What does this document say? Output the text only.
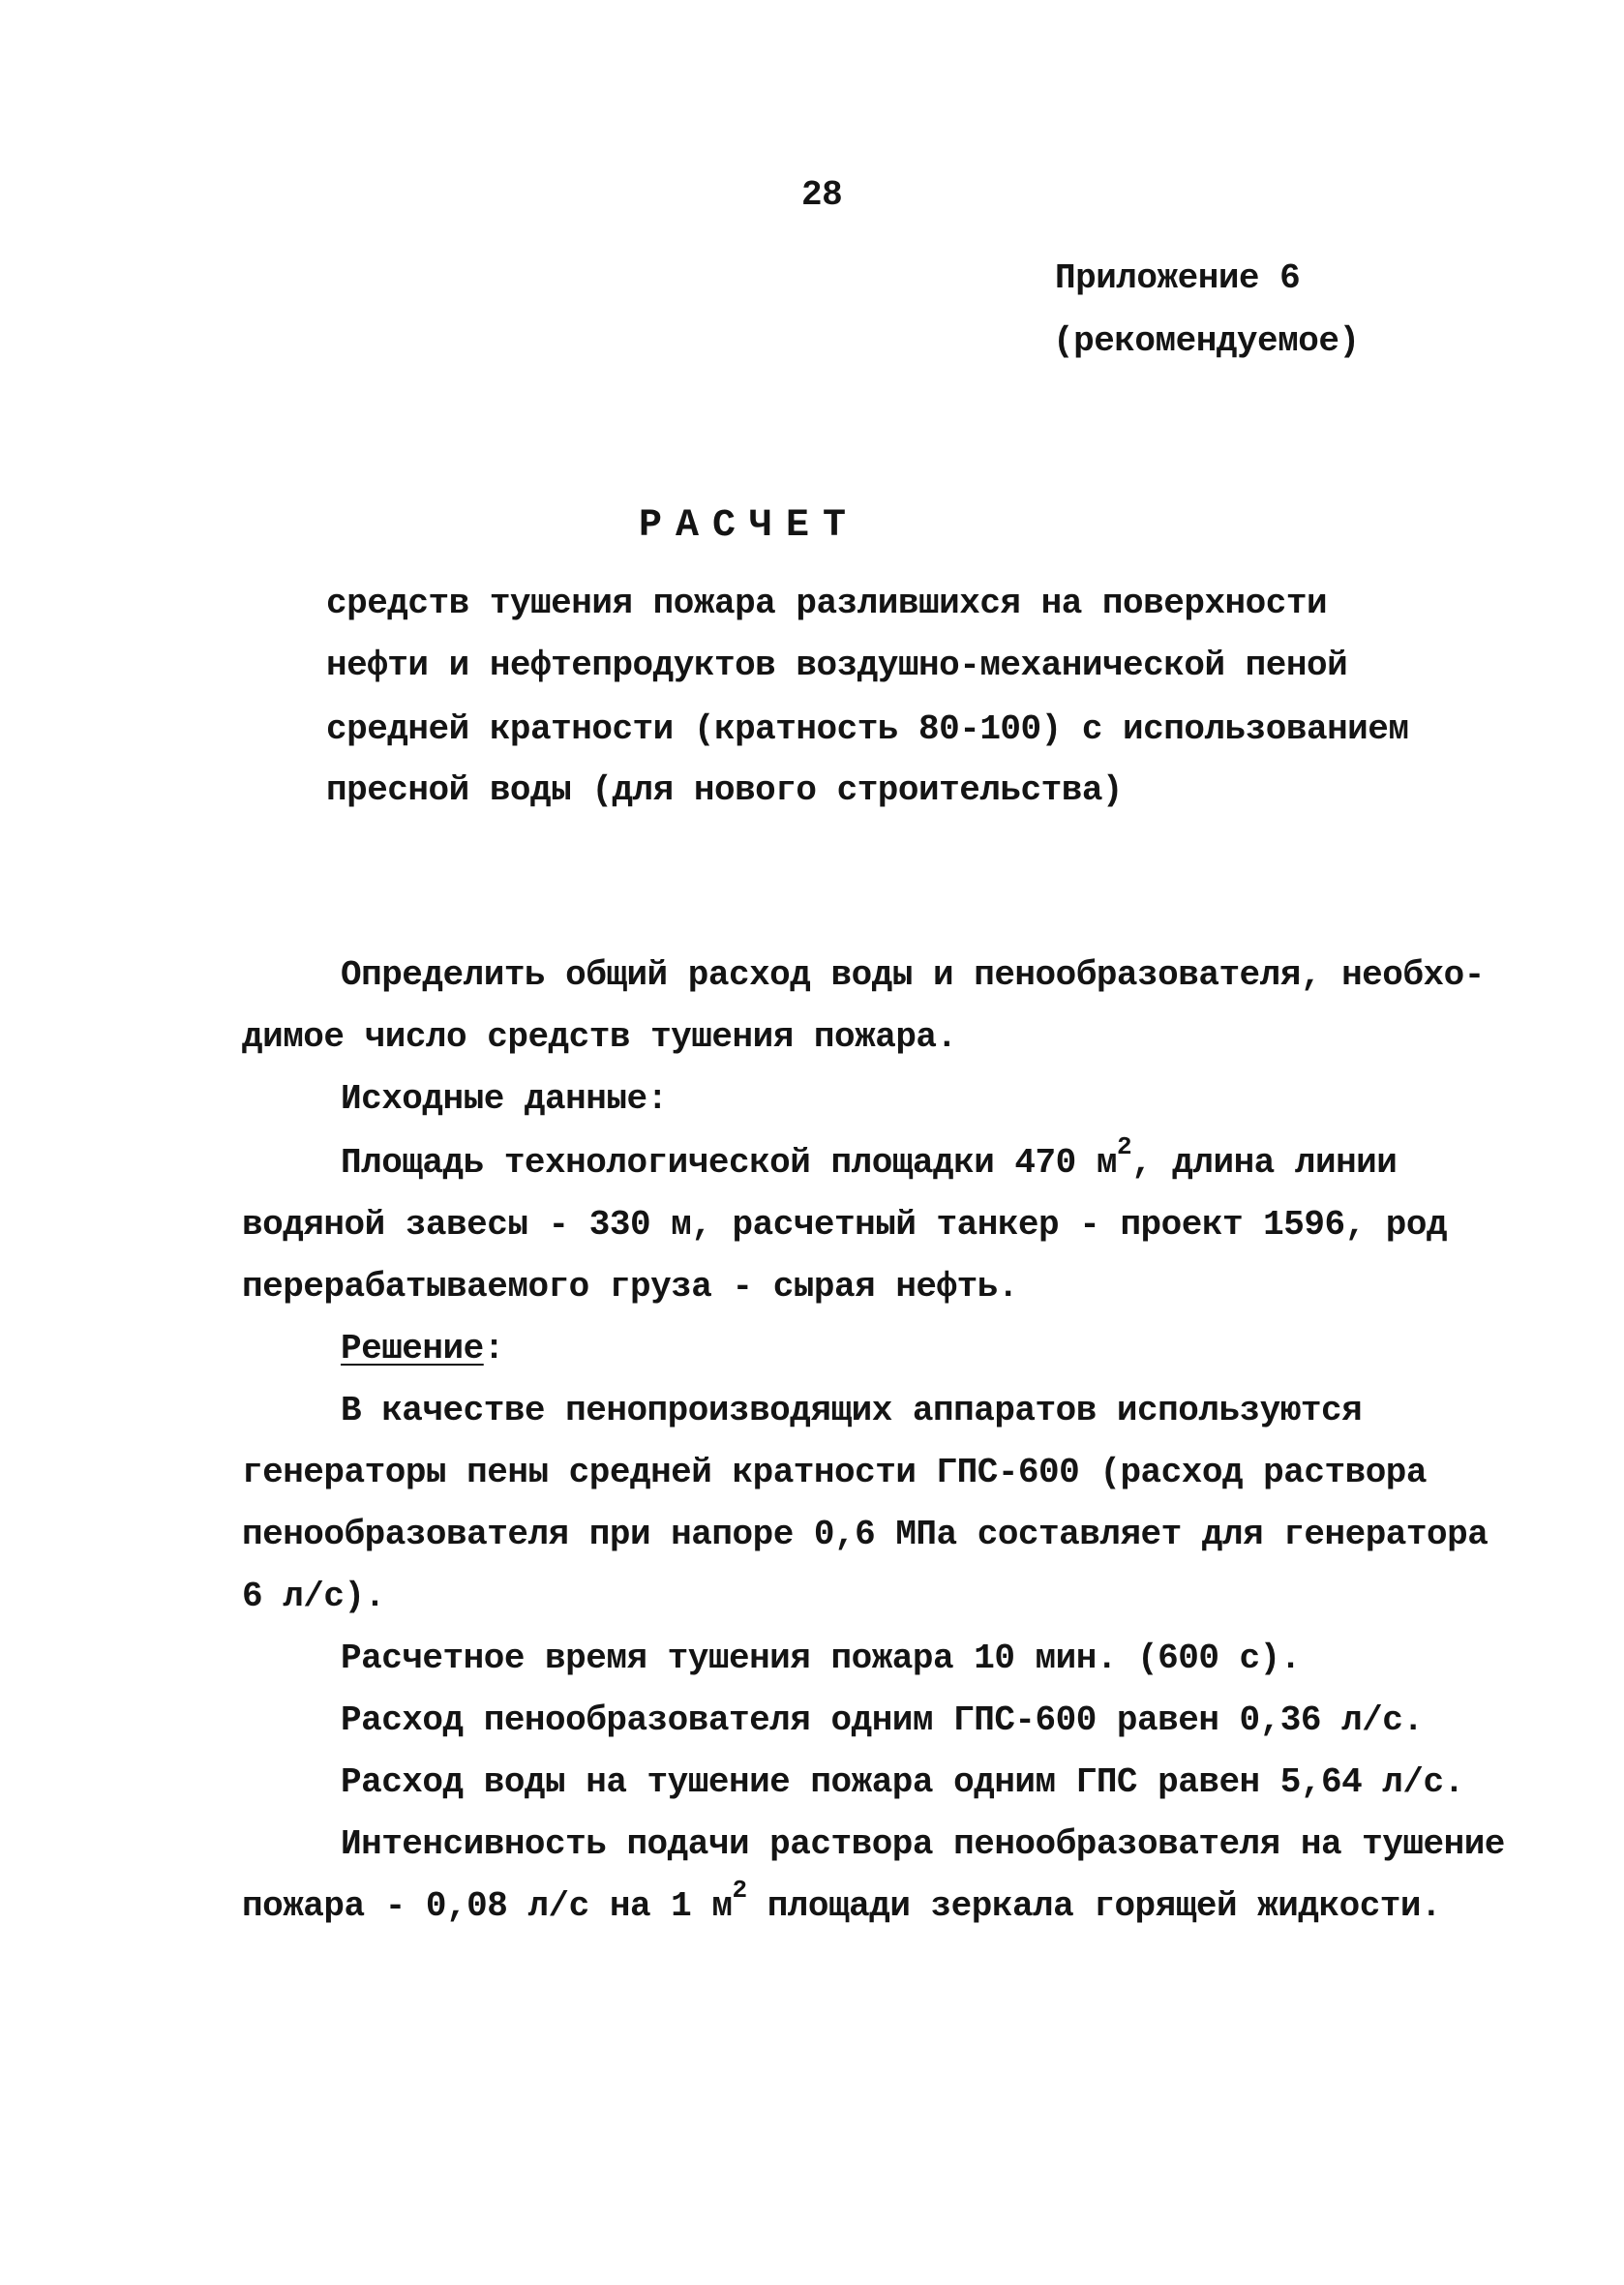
28
Приложение 6
(рекомендуемое)
РАСЧЕТ
средств тушения пожара разлившихся на поверхности
нефти и нефтепродуктов воздушно-механической пеной
средней кратности (кратность 80-100) с использованием
пресной воды (для нового строительства)
Определить общий расход воды и пенообразователя, необхо-
димое число средств тушения пожара.
Исходные данные:
Площадь технологической площадки 470 $м^2$, длина линии
водяной завесы - 330 м, расчетный танкер - проект 1596, род
перерабатываемого груза - сырая нефть.
Решение:
В качестве пенопроизводящих аппаратов используются
генераторы пены средней кратности ГПС-600 (расход раствора
пенообразователя при напоре 0,6 МПа составляет для генератора
6 л/с).
Расчетное время тушения пожара 10 мин. (600 с).
Расход пенообразователя одним ГПС-600 равен 0,36 л/с.
Расход воды на тушение пожара одним ГПС равен 5,64 л/с.
Интенсивность подачи раствора пенообразователя на тушение
пожара - 0,08 л/с на 1 $м^2$ площади зеркала горящей жидкости.
